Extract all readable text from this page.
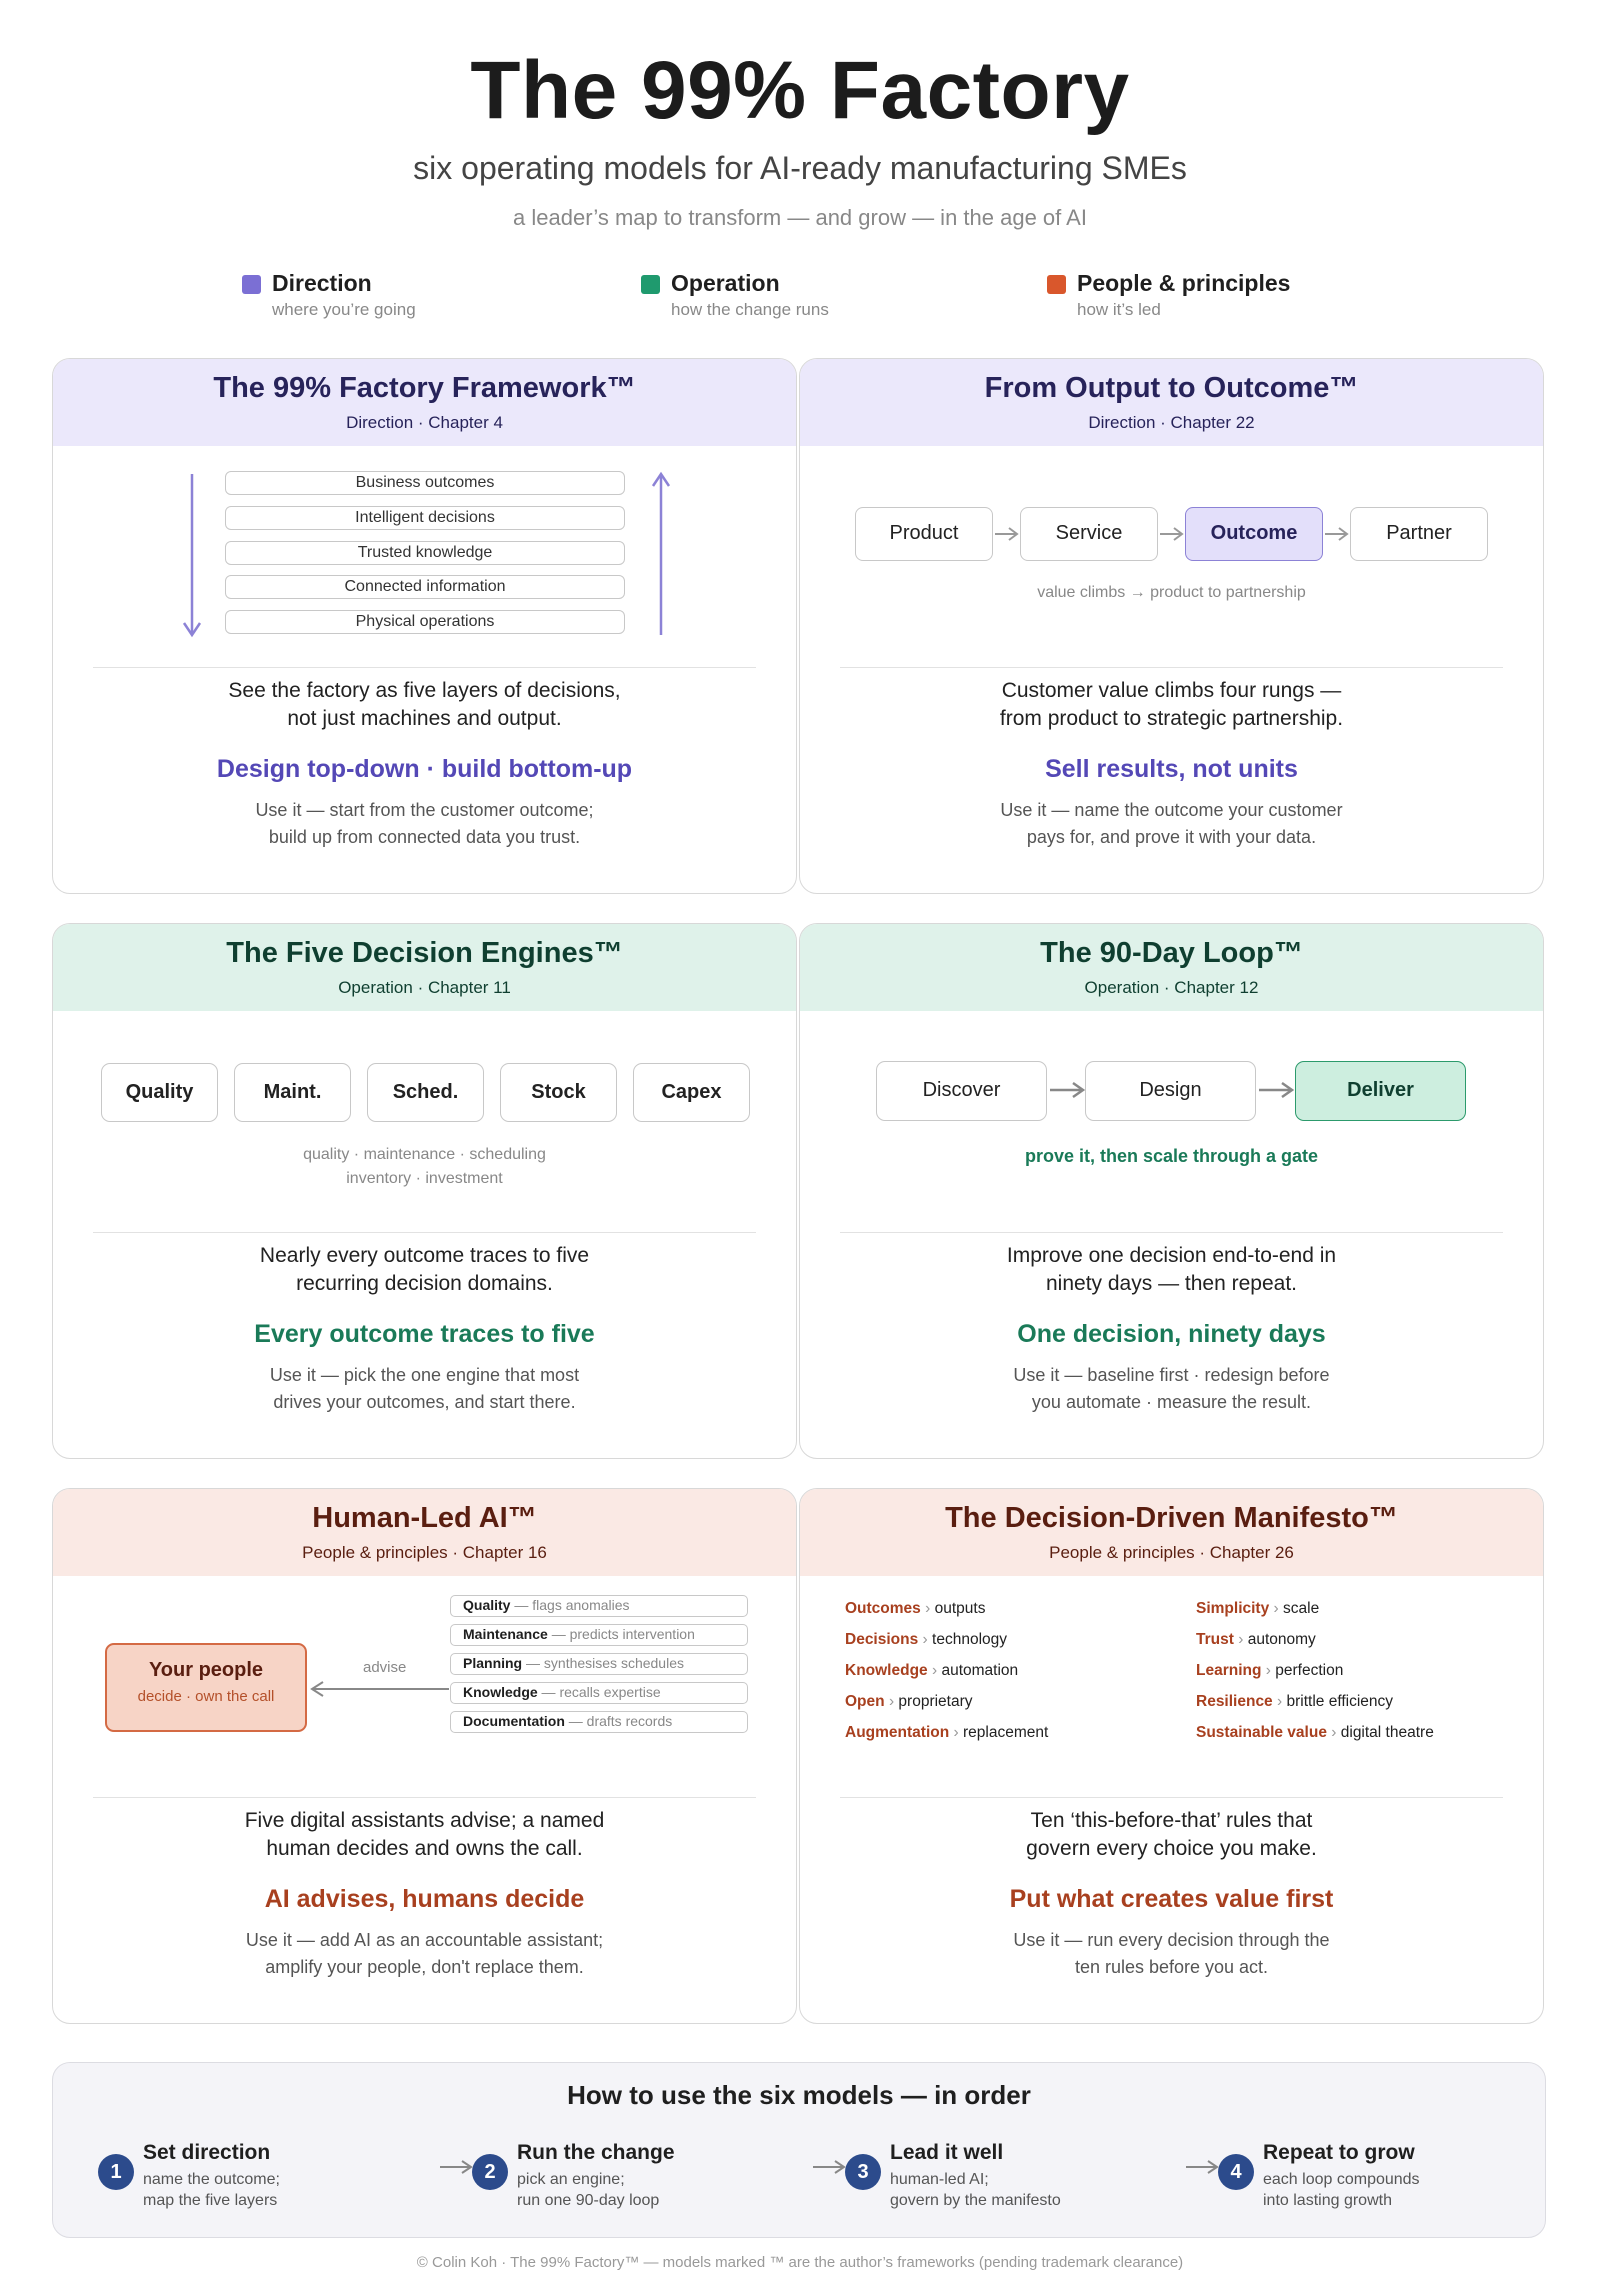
The 99% Factory
six operating models for AI-ready manufacturing SMEs
a leader’s map to transform — and grow — in the age of AI
Direction
where you’re going
Operation
how the change runs
People & principles
how it’s led
The 99% Factory Framework™
Direction · Chapter 4
Business outcomes
Intelligent decisions
Trusted knowledge
Connected information
Physical operations
See the factory as five layers of decisions,
not just machines and output.
Design top-down · build bottom-up
Use it — start from the customer outcome;
build up from connected data you trust.
From Output to Outcome™
Direction · Chapter 22
Product	Service	Outcome	Partner
value climbs → product to partnership
Customer value climbs four rungs —
from product to strategic partnership.
Sell results, not units
Use it — name the outcome your customer
pays for, and prove it with your data.
The Five Decision Engines™
Operation · Chapter 11
Quality	Maint.	Sched.	Stock	Capex
quality · maintenance · scheduling
inventory · investment
Nearly every outcome traces to five
recurring decision domains.
Every outcome traces to five
Use it — pick the one engine that most
drives your outcomes, and start there.
The 90-Day Loop™
Operation · Chapter 12
Discover	Design	Deliver
prove it, then scale through a gate
Improve one decision end-to-end in
ninety days — then repeat.
One decision, ninety days
Use it — baseline first · redesign before
you automate · measure the result.
Human-Led AI™
People & principles · Chapter 16
Your people
decide · own the call
advise
Quality — flags anomalies
Maintenance — predicts intervention
Planning — synthesises schedules
Knowledge — recalls expertise
Documentation — drafts records
Five digital assistants advise; a named
human decides and owns the call.
AI advises, humans decide
Use it — add AI as an accountable assistant;
amplify your people, don't replace them.
The Decision-Driven Manifesto™
People & principles · Chapter 26
Outcomes › outputs
Decisions › technology
Knowledge › automation
Open › proprietary
Augmentation › replacement
Simplicity › scale
Trust › autonomy
Learning › perfection
Resilience › brittle efficiency
Sustainable value › digital theatre
Ten ‘this-before-that’ rules that
govern every choice you make.
Put what creates value first
Use it — run every decision through the
ten rules before you act.
How to use the six models — in order
1
Set direction
name the outcome;
map the five layers
2
Run the change
pick an engine;
run one 90-day loop
3
Lead it well
human-led AI;
govern by the manifesto
4
Repeat to grow
each loop compounds
into lasting growth
© Colin Koh · The 99% Factory™ — models marked ™ are the author’s frameworks (pending trademark clearance)
